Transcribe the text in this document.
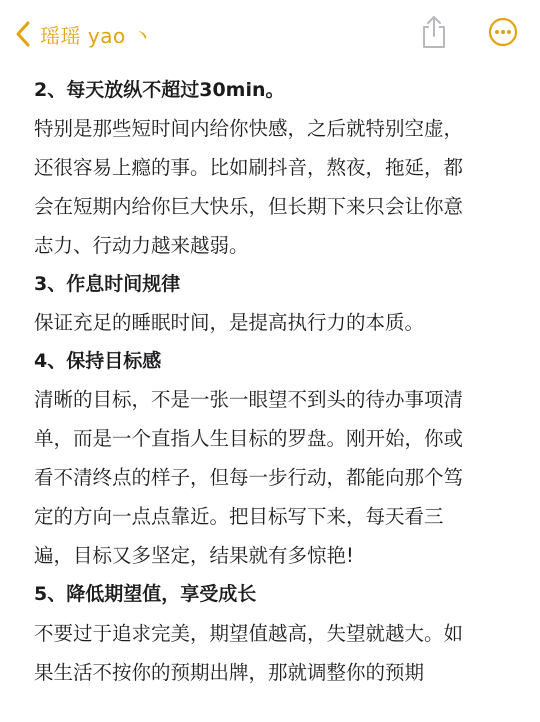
瑶瑶 yao 丶

2、每天放纵不超过30min。

特别是那些短时间内给你快感，之后就特别空虚，

还很容易上瘾的事。比如刷抖音，熬夜，拖延，都

会在短期内给你巨大快乐，但长期下来只会让你意

志力、行动力越来越弱。

3、作息时间规律

保证充足的睡眠时间，是提高执行力的本质。

4、保持目标感

清晰的目标，不是一张一眼望不到头的待办事项清

单，而是一个直指人生目标的罗盘。刚开始，你或

看不清终点的样子，但每一步行动，都能向那个笃

定的方向一点点靠近。把目标写下来，每天看三

遍，目标又多坚定，结果就有多惊艳!

5、降低期望值，享受成长

不要过于追求完美，期望值越高，失望就越大。如

果生活不按你的预期出牌，那就调整你的预期
